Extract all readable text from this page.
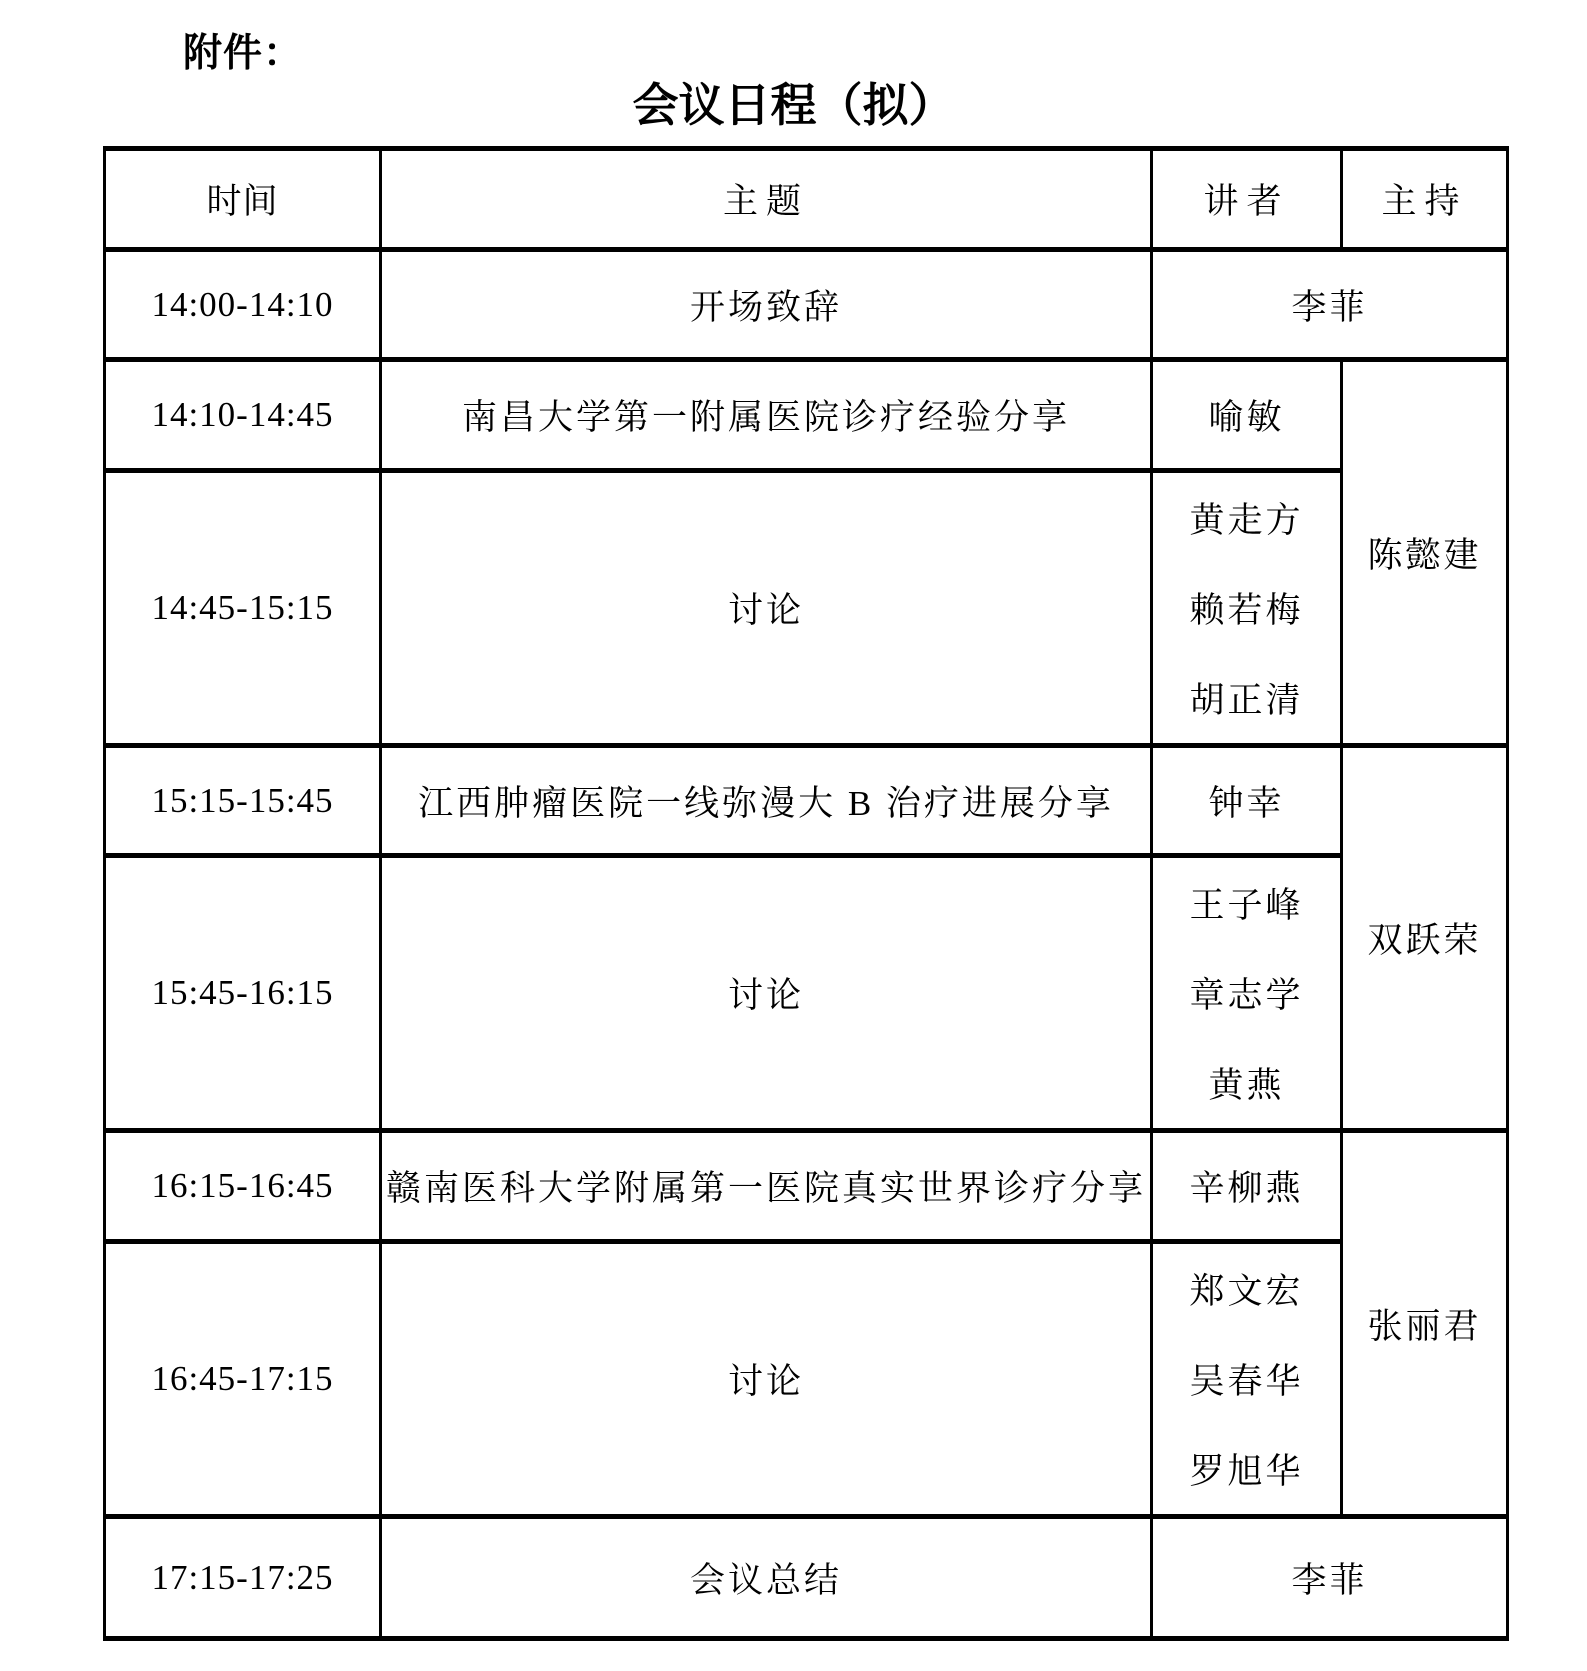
附件：
会议日程（拟）
时间	主题	讲者	主持
14:00-14:10	开场致辞	李菲	
14:10-14:45	南昌大学第一附属医院诊疗经验分享	喻敏	陈懿建
14:45-15:15	讨论	黄走方
赖若梅
胡正清	

15:15-15:45	江西肿瘤医院一线弥漫大 B 治疗进展分享	钟幸	双跃荣
15:45-16:15	讨论	王子峰
章志学
黄燕	

16:15-16:45	赣南医科大学附属第一医院真实世界诊疗分享	辛柳燕	张丽君
16:45-17:15	讨论	郑文宏
吴春华
罗旭华	

17:15-17:25	会议总结	李菲	
